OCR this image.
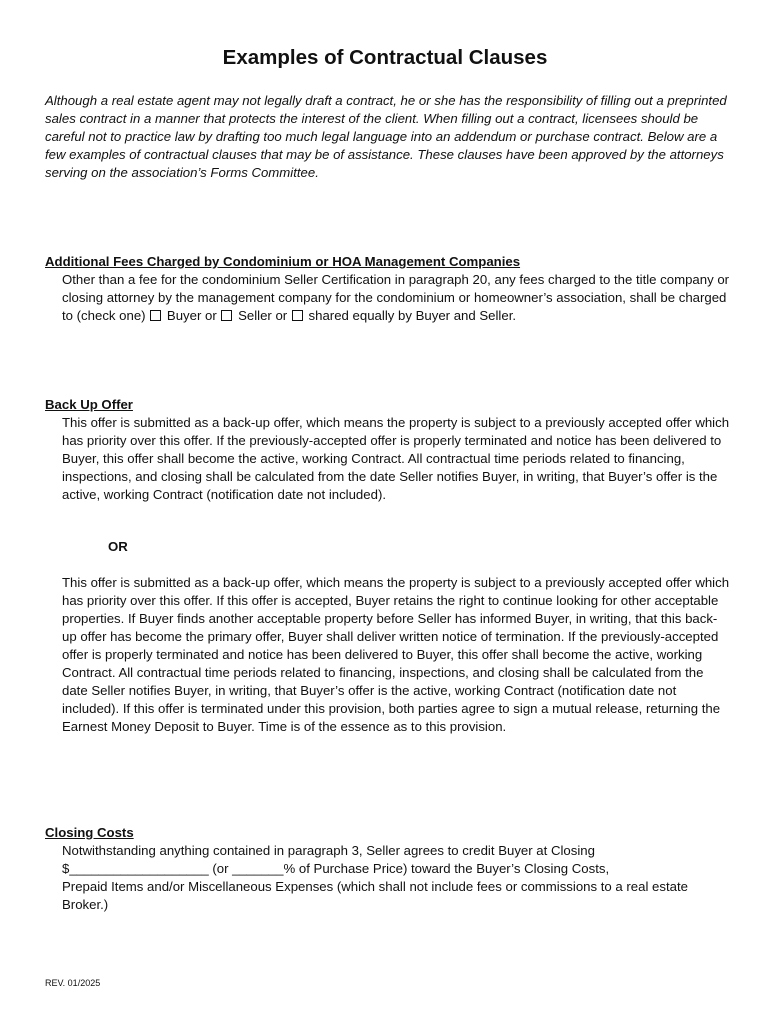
Examples of Contractual Clauses

Although a real estate agent may not legally draft a contract, he or she has the responsibility of filling out a preprinted sales contract in a manner that protects the interest of the client. When filling out a contract, licensees should be careful not to practice law by drafting too much legal language into an addendum or purchase contract. Below are a few examples of contractual clauses that may be of assistance. These clauses have been approved by the attorneys serving on the association’s Forms Committee.

Additional Fees Charged by Condominium or HOA Management Companies

Other than a fee for the condominium Seller Certification in paragraph 20, any fees charged to the title company or closing attorney by the management company for the condominium or homeowner’s association, shall be charged to (check one) Buyer or Seller or shared equally by Buyer and Seller.

Back Up Offer

This offer is submitted as a back-up offer, which means the property is subject to a previously accepted offer which has priority over this offer. If the previously-accepted offer is properly terminated and notice has been delivered to Buyer, this offer shall become the active, working Contract. All contractual time periods related to financing, inspections, and closing shall be calculated from the date Seller notifies Buyer, in writing, that Buyer’s offer is the active, working Contract (notification date not included).

OR

This offer is submitted as a back-up offer, which means the property is subject to a previously accepted offer which has priority over this offer. If this offer is accepted, Buyer retains the right to continue looking for other acceptable properties. If Buyer finds another acceptable property before Seller has informed Buyer, in writing, that this back-up offer has become the primary offer, Buyer shall deliver written notice of termination. If the previously-accepted offer is properly terminated and notice has been delivered to Buyer, this offer shall become the active, working Contract. All contractual time periods related to financing, inspections, and closing shall be calculated from the date Seller notifies Buyer, in writing, that Buyer’s offer is the active, working Contract (notification date not included). If this offer is terminated under this provision, both parties agree to sign a mutual release, returning the Earnest Money Deposit to Buyer. Time is of the essence as to this provision.

Closing Costs

Notwithstanding anything contained in paragraph 3, Seller agrees to credit Buyer at Closing
$___________________ (or _______% of Purchase Price) toward the Buyer’s Closing Costs,
Prepaid Items and/or Miscellaneous Expenses (which shall not include fees or commissions to a real estate Broker.)
REV. 01/2025
